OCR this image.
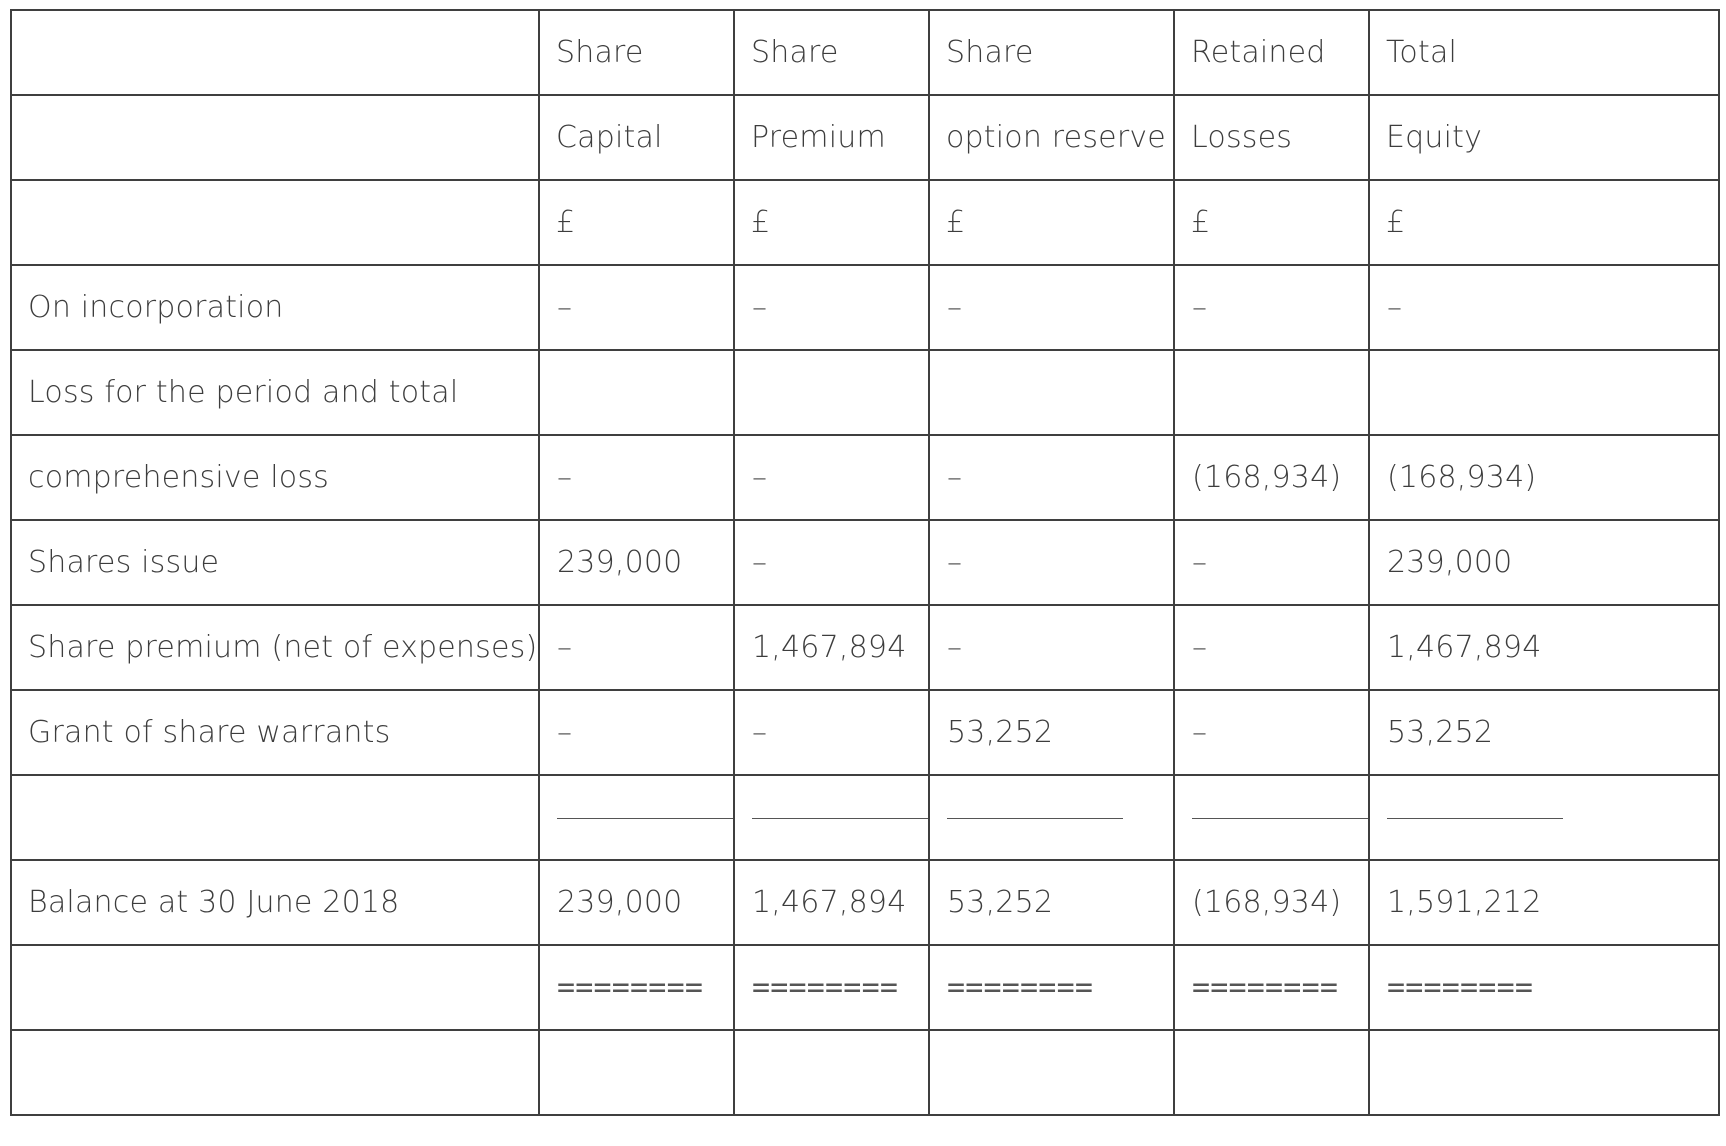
	Share	Share	Share	Retained	Total
	Capital	Premium	option reserve	Losses	Equity
	£	£	£	£	£
On incorporation	–	–	–	–	–
Loss for the period and total					
comprehensive loss	–	–	–	(168,934)	(168,934)
Shares issue	239,000	–	–	–	239,000
Share premium (net of expenses)	–	1,467,894	–	–	1,467,894
Grant of share warrants	–	–	53,252	–	53,252

Balance at 30 June 2018	239,000	1,467,894	53,252	(168,934)	1,591,212
	========	========	========	========	========
